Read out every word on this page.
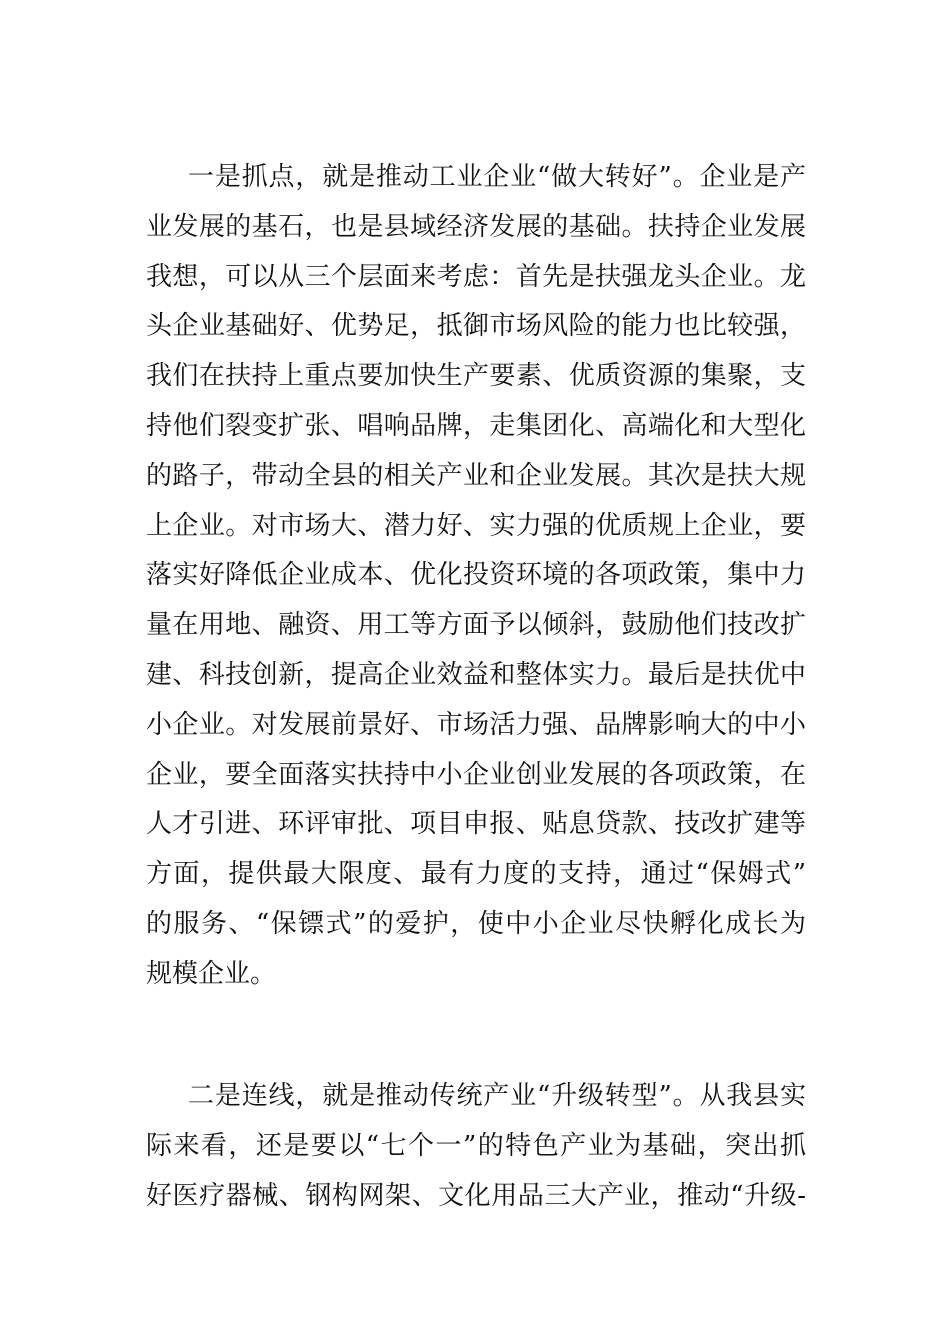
一是抓点，就是推动工业企业“做大转好”。企业是产
业发展的基石，也是县域经济发展的基础。扶持企业发展
我想，可以从三个层面来考虑：首先是扶强龙头企业。龙
头企业基础好、优势足，抵御市场风险的能力也比较强，
我们在扶持上重点要加快生产要素、优质资源的集聚，支
持他们裂变扩张、唱响品牌，走集团化、高端化和大型化
的路子，带动全县的相关产业和企业发展。其次是扶大规
上企业。对市场大、潜力好、实力强的优质规上企业，要
落实好降低企业成本、优化投资环境的各项政策，集中力
量在用地、融资、用工等方面予以倾斜，鼓励他们技改扩
建、科技创新，提高企业效益和整体实力。最后是扶优中
小企业。对发展前景好、市场活力强、品牌影响大的中小
企业，要全面落实扶持中小企业创业发展的各项政策，在
人才引进、环评审批、项目申报、贴息贷款、技改扩建等
方面，提供最大限度、最有力度的支持，通过“保姆式”
的服务、“保镖式”的爱护，使中小企业尽快孵化成长为
规模企业。
二是连线，就是推动传统产业“升级转型”。从我县实
际来看，还是要以“七个一”的特色产业为基础，突出抓
好医疗器械、钢构网架、文化用品三大产业，推动“升级-
